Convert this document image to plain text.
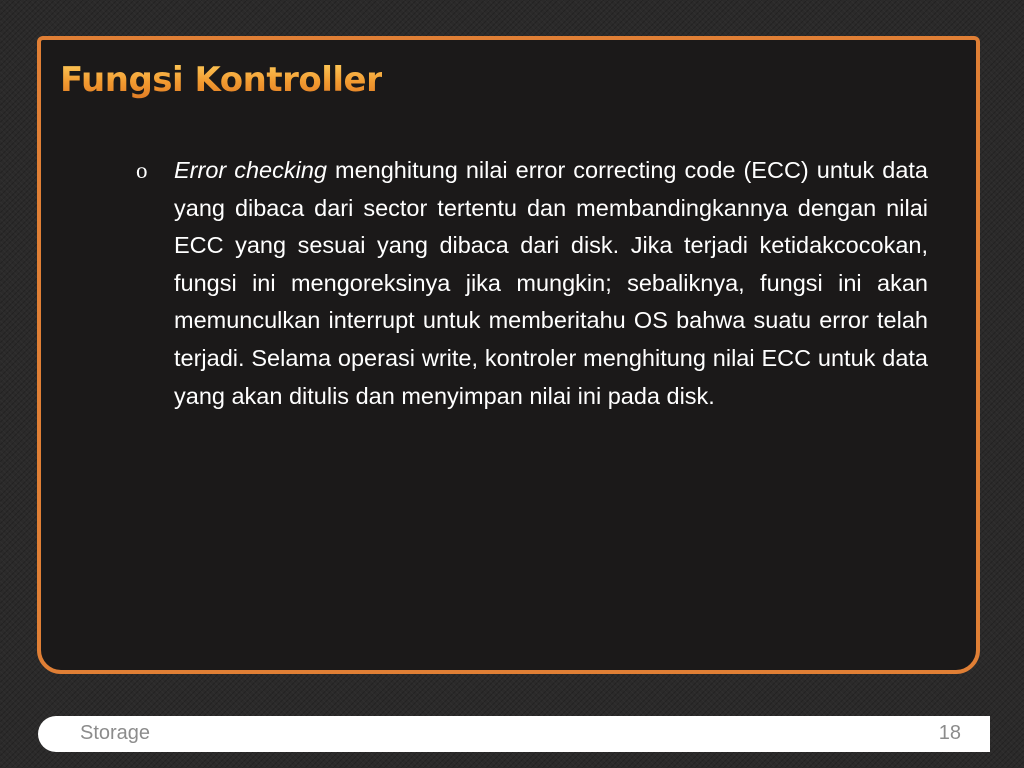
Fungsi Kontroller
o	Error checking menghitung nilai error correcting code (ECC) untuk data yang dibaca dari sector tertentu dan membandingkannya dengan nilai ECC yang sesuai yang dibaca dari disk. Jika terjadi ketidakcocokan, fungsi ini mengoreksinya jika mungkin; sebaliknya, fungsi ini akan memunculkan interrupt untuk memberitahu OS bahwa suatu error telah terjadi. Selama operasi write, kontroler menghitung nilai ECC untuk data yang akan ditulis dan menyimpan nilai ini pada disk.

Storage	18
